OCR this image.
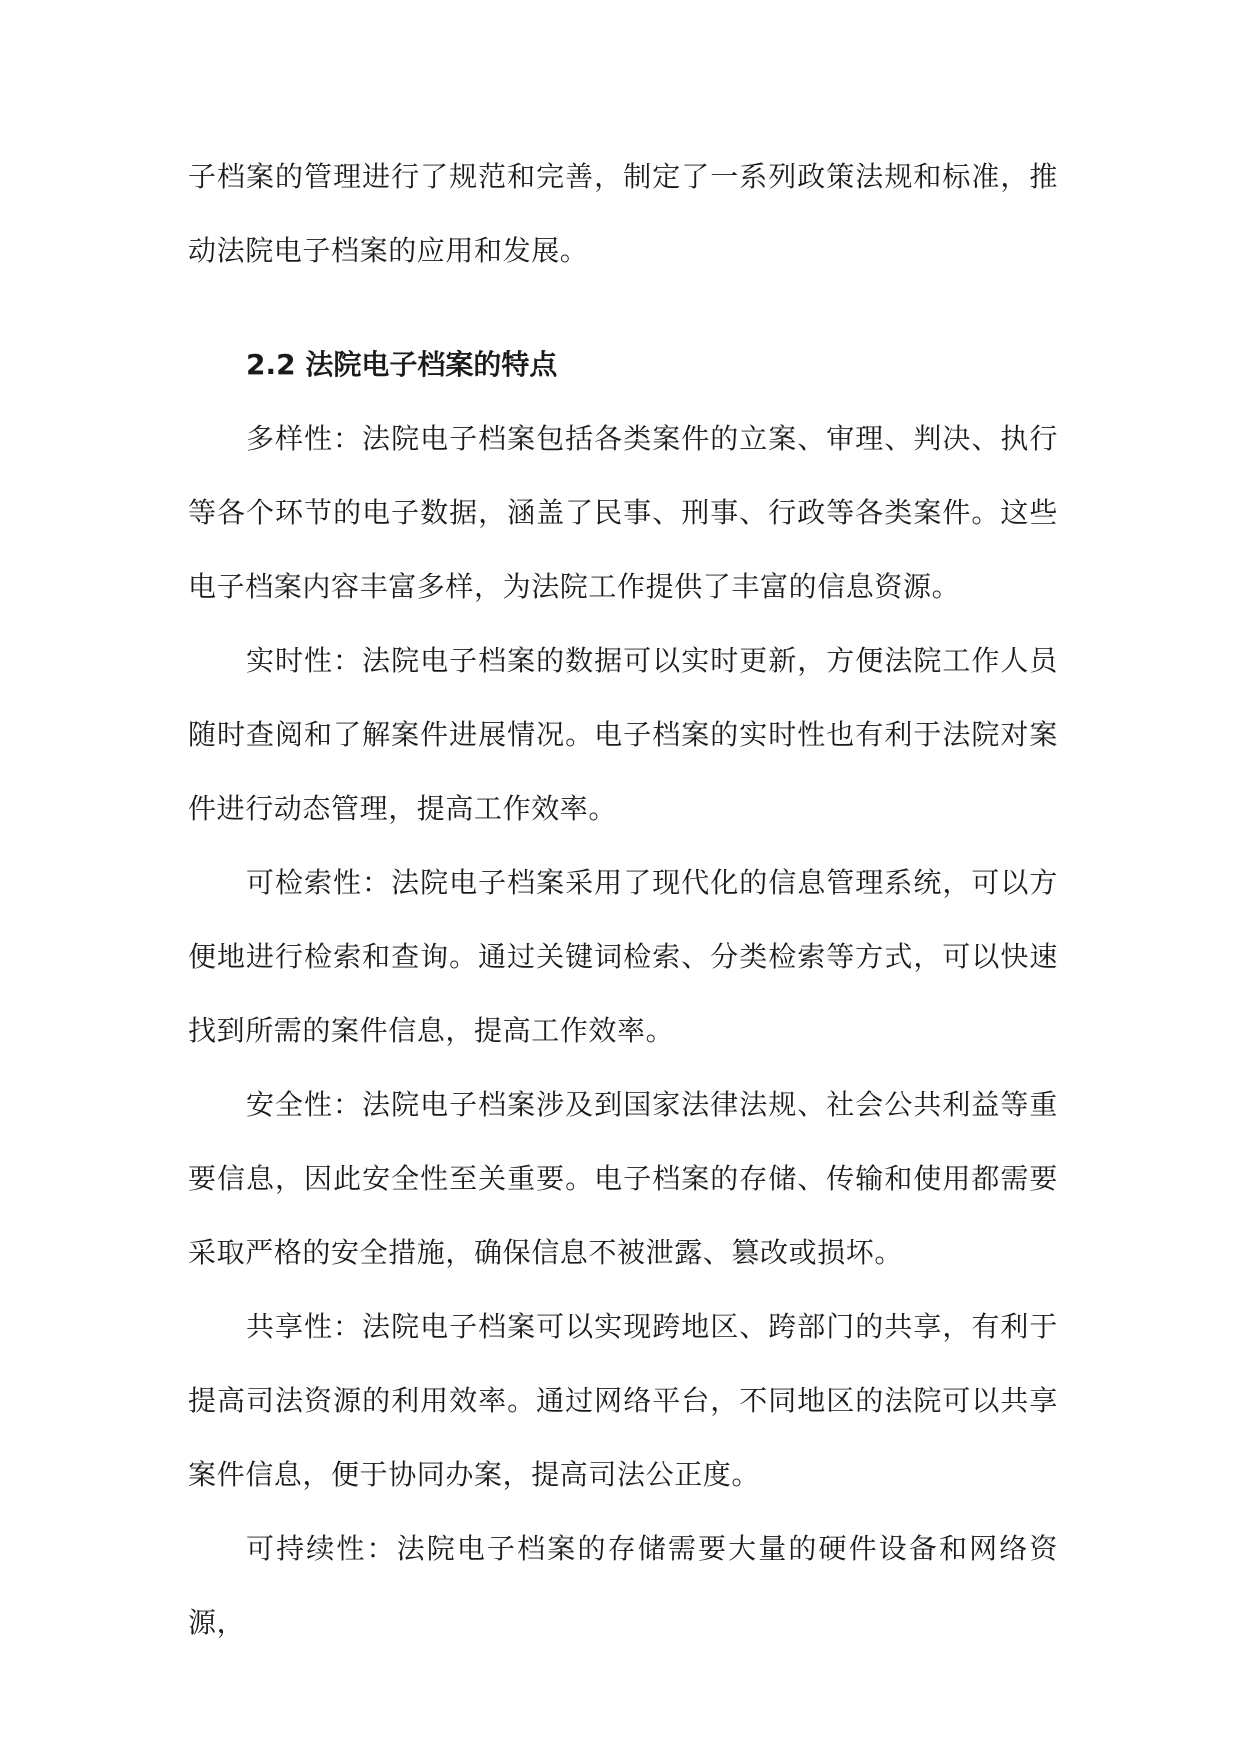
子档案的管理进行了规范和完善，制定了一系列政策法规和标准，推动法院电子档案的应用和发展。

2.2 法院电子档案的特点

多样性：法院电子档案包括各类案件的立案、审理、判决、执行等各个环节的电子数据，涵盖了民事、刑事、行政等各类案件。这些电子档案内容丰富多样，为法院工作提供了丰富的信息资源。

实时性：法院电子档案的数据可以实时更新，方便法院工作人员随时查阅和了解案件进展情况。电子档案的实时性也有利于法院对案件进行动态管理，提高工作效率。

可检索性：法院电子档案采用了现代化的信息管理系统，可以方便地进行检索和查询。通过关键词检索、分类检索等方式，可以快速找到所需的案件信息，提高工作效率。

安全性：法院电子档案涉及到国家法律法规、社会公共利益等重要信息，因此安全性至关重要。电子档案的存储、传输和使用都需要采取严格的安全措施，确保信息不被泄露、篡改或损坏。

共享性：法院电子档案可以实现跨地区、跨部门的共享，有利于提高司法资源的利用效率。通过网络平台，不同地区的法院可以共享案件信息，便于协同办案，提高司法公正度。

可持续性：法院电子档案的存储需要大量的硬件设备和网络资源，
